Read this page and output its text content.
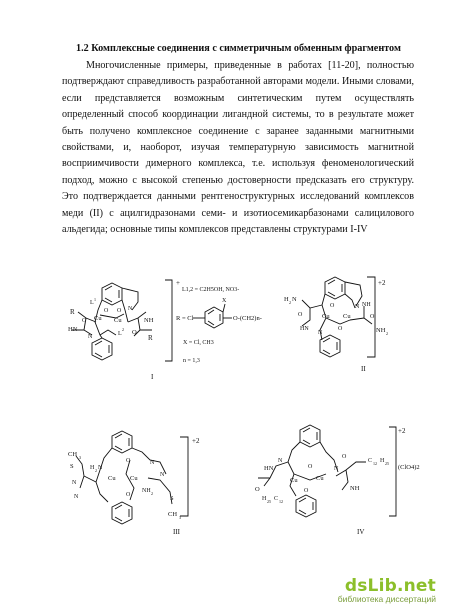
1.2 Комплексные соединения с симметричным обменным фрагментом
Многочисленные примеры, приведенные в работах [11-20], полностью подтверждают справедливость разработанной авторами модели. Иными словами, если представляется возможным синтетическим путем осуществлять определенный способ координации лигандной системы, то в результате может быть получено комплексное соединение с заранее заданными магнитными свойствами, и, наоборот, изучая температурную зависимость магнитной восприимчивости димерного комплекса, т.е. используя феноменологический подход, можно с высокой степенью достоверности предсказать его структуру. Это подтверждается данными рентгеноструктурных исследований комплексов меди (II) с ацилгидразонами семи- и изотиосемикарбазонами салицилового альдегида; основные типы комплексов представлены структурами I-IV
+
R
L
1
O
Cu Cu
O
L
2
N
O
HN
N
O
NH
R
I
L1,2 = C2H5OH, NO3-
X
R = Cl	O-(CH2)n-
X = Cl, CH3
n = 1,3
+2
H 2 N
O
HN
N
O
Cu Cu
O
N NH
O
NH 2
II
+2
CH 3
S	H 2 N
N
N
O
Cu Cu
O
N
N
NH 2
S
CH 3
III
+2
(ClO4)2
HN
N
O
H 25 C 12
O
Cu	Cu
O
N
O
NH
C 12 H 25
IV
dsLib.net
библиотека диссертаций
